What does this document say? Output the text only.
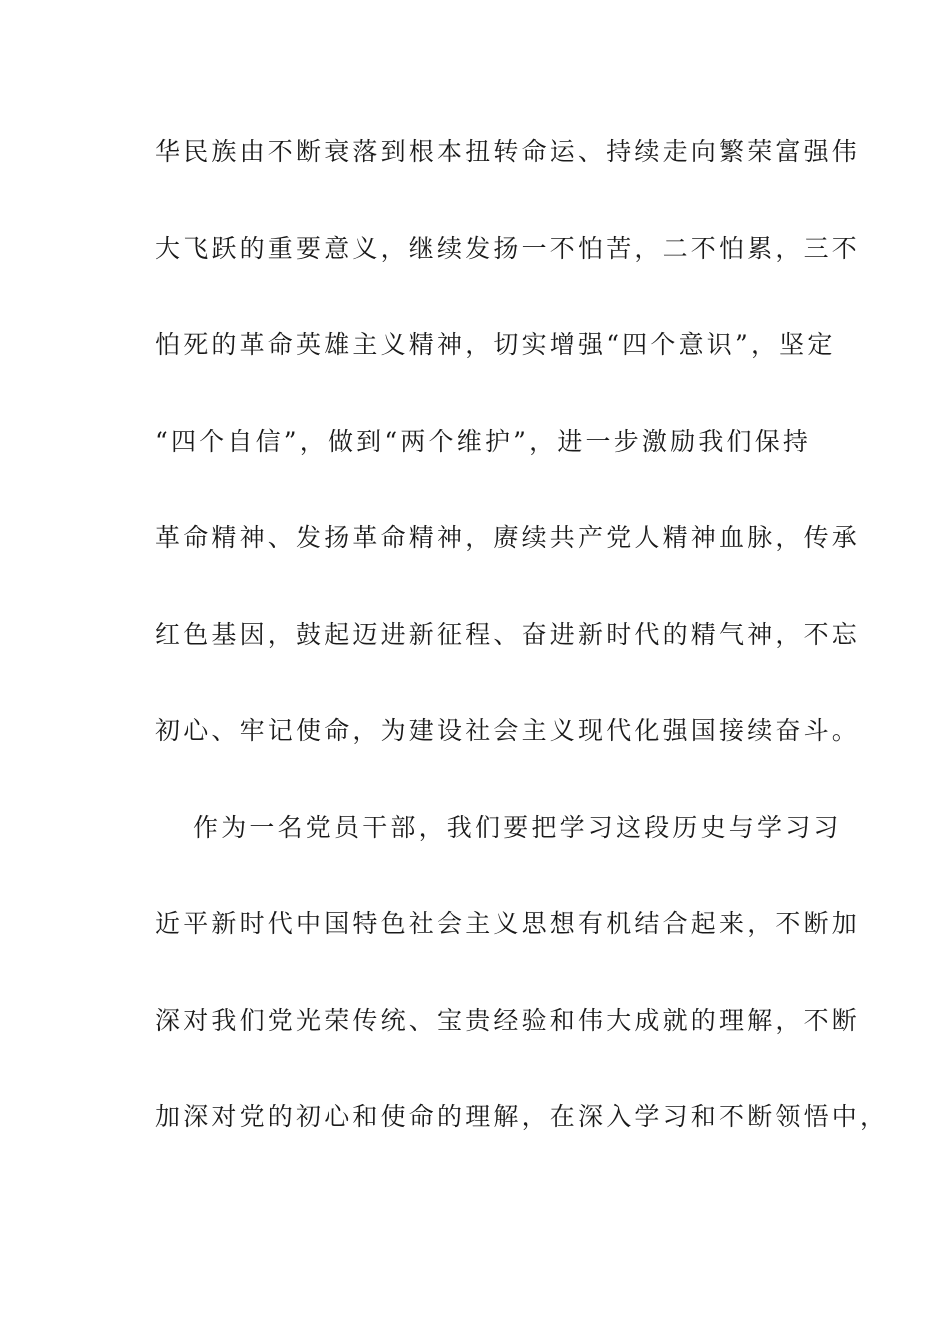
华民族由不断衰落到根本扭转命运、持续走向繁荣富强伟
大飞跃的重要意义，继续发扬一不怕苦，二不怕累，三不
怕死的革命英雄主义精神，切实增强“四个意识”，坚定
“四个自信”，做到“两个维护”，进一步激励我们保持
革命精神、发扬革命精神，赓续共产党人精神血脉，传承
红色基因，鼓起迈进新征程、奋进新时代的精气神，不忘
初心、牢记使命，为建设社会主义现代化强国接续奋斗。
作为一名党员干部，我们要把学习这段历史与学习习
近平新时代中国特色社会主义思想有机结合起来，不断加
深对我们党光荣传统、宝贵经验和伟大成就的理解，不断
加深对党的初心和使命的理解，在深入学习和不断领悟中，
